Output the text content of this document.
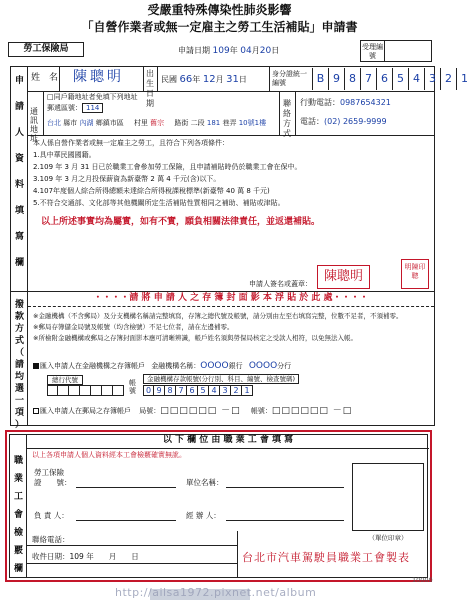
受嚴重特殊傳染性肺炎影響
「自營作業者或無一定雇主之勞工生活補貼」申請書
勞工保險局	申請日期 109年 04月20日	受理編號
申
請
人
資
料
填
寫
欄
撥
款
方
式
（
請
均
選
一
項
）
姓　名 陳聰明	出生日期
民國 66年 12月 31日
身分證統一編號	B 9 8 7 6 5 4 3 2 1
通訊地址
□同戶籍地址者免填下列地址
郵遞區號： 114
台北 縣市 內湖 鄉鎮市區 村里 舊宗 路街 二段 181 巷弄 10號1樓
聯絡方式
行動電話：0987654321
電話：(02) 2659-9999
本人係自營作業者或無一定雇主之勞工，且符合下列各項條件：
1.具中華民國國籍。
2.109 年 3 月 31 日已於職業工會參加勞工保險，且申請補貼時仍於職業工會在保中。
3.109 年 3 月之月投保薪資為新臺幣 2 萬 4 千元(含)以下。
4.107年度個人綜合所得總額未達綜合所得稅課稅標準(新臺幣 40 萬 8 千元)
5.不符合交通部、文化部等其他機關所定生活補貼性質相同之補助、補貼或津貼。
以上所述事實均為屬實，如有不實，願負相關法律責任，並返還補貼。
申請人簽名或蓋章： 陳聰明
明陳印聰
・・・・請 將 申 請 人 之 存 簿 封 面 影 本 浮 貼 於 此 處・・・・
※金融機構（不含郵局）及分支機構名稱請完整填寫，存簿之總代號及帳號，請分別由左至右填寫完整，位數不足者，不須補零。
※郵局存簿儲金局號及帳號（均含檢號）不足七位者，請在左邊補零。
※所檢附金融機構或郵局之存簿封面影本應可清晰辨識，帳戶姓名須與勞保局核定之受款人相符，以免無法入帳。
匯入申請人在金融機構之存簿帳戶 金融機構名稱：OOOO銀行 OOOO分行
總行代號	帳號
金融機構存款帳號(分行別、科目、編號、檢查號碼)
0 9 8 7 6 5 4 3 2 1
匯入申請人在郵局之存簿帳戶 局號：□□□□□□ －□ 帳號：□□□□□□ －□
職
業
工
會
檢
覈
欄
以 下 欄 位 由 職 業 工 會 填 寫
以上各項申請人個人資料經本工會檢覈確實無訛。
勞工保險
證　　號：	單位名稱：
負 責 人：	經 辦 人：
（單位印章）
聯絡電話：
收件日期：109 年　　月　　日	台北市汽車駕駛員職業工會製表
http://ailsa1972.pixnet.net/album
10000
